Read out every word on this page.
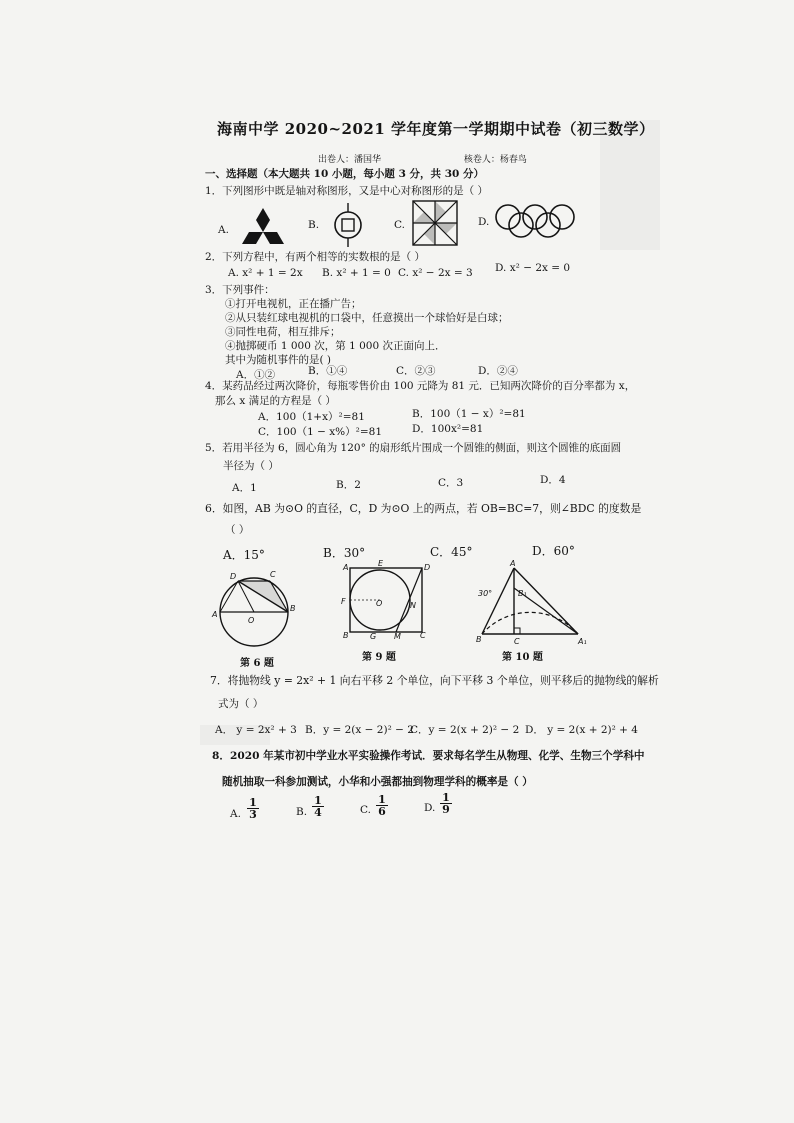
海南中学 2020~2021 学年度第一学期期中试卷（初三数学）
出卷人：潘国华	核卷人：杨春鸟
一、选择题（本大题共 10 小题，每小题 3 分，共 30 分）
1．下列图形中既是轴对称图形，又是中心对称图形的是（ ）
A.	B.	C.	D.
2．下列方程中，有两个相等的实数根的是（ ）
A. x² + 1 = 2x B. x² + 1 = 0 C. x² − 2x = 3 D. x² − 2x = 0
3．下列事件：
①打开电视机，正在播广告；
②从只装红球电视机的口袋中，任意摸出一个球恰好是白球；
③同性电荷，相互排斥；
④抛掷硬币 1 000 次，第 1 000 次正面向上．
其中为随机事件的是( )
A．①②	B．①④	C．②③	D．②④
4．某药品经过两次降价，每瓶零售价由 100 元降为 81 元．已知两次降价的百分率都为 x，
那么 x 满足的方程是（ ）
A．100（1+x）²=81	B．100（1 − x）²=81
C．100（1 − x%）²=81	D．100x²=81
5．若用半径为 6，圆心角为 120° 的扇形纸片围成一个圆锥的侧面，则这个圆锥的底面圆
半径为（ ）
A．1	B．2	C．3	D．4
6．如图，AB 为⊙O 的直径，C，D 为⊙O 上的两点，若 OB=BC=7，则∠BDC 的度数是
（ ）
A．15°	B．30°	C．45°	D．60°
D	C
A
O
B
第 6 题
A	E	D
F	O	N
B	G M C
第 9 题
A
30°	B₁
B	C	A₁
第 10 题
7．将抛物线 y = 2x² + 1 向右平移 2 个单位，向下平移 3 个单位，则平移后的抛物线的解析
式为（ ）
A． y = 2x² + 3 B．y = 2(x − 2)² − 2
C．y = 2(x + 2)² − 2 D． y = 2(x + 2)² + 4
8．2020 年某市初中学业水平实验操作考试．要求每名学生从物理、化学、生物三个学科中
随机抽取一科参加测试，小华和小强都抽到物理学科的概率是（ ）
A. $\frac{1}{3}$	B. $\frac{1}{4}$	C. $\frac{1}{6}$	D. $\frac{1}{9}$
